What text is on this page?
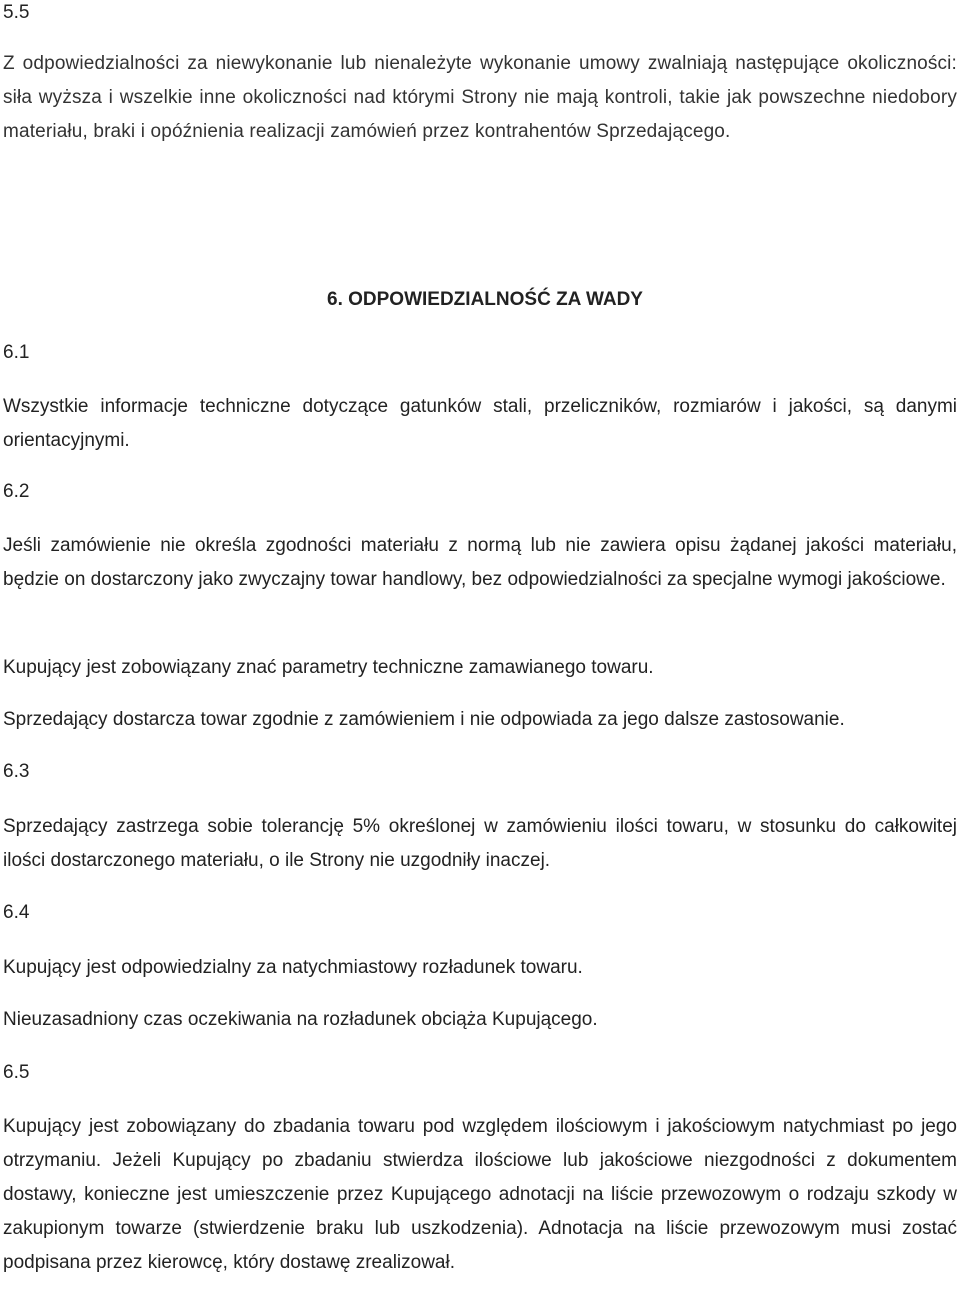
5.5

Z odpowiedzialności za niewykonanie lub nienależyte wykonanie umowy zwalniają następujące okoliczności: siła wyższa i wszelkie inne okoliczności nad którymi Strony nie mają kontroli, takie jak powszechne niedobory materiału, braki i opóźnienia realizacji zamówień przez kontrahentów Sprzedającego.

6. ODPOWIEDZIALNOŚĆ ZA WADY

6.1

Wszystkie informacje techniczne dotyczące gatunków stali, przeliczników, rozmiarów i jakości, są danymi orientacyjnymi.

6.2

Jeśli zamówienie nie określa zgodności materiału z normą lub nie zawiera opisu żądanej jakości materiału, będzie on dostarczony jako zwyczajny towar handlowy, bez odpowiedzialności za specjalne wymogi jakościowe.

Kupujący jest zobowiązany znać parametry techniczne zamawianego towaru.

Sprzedający dostarcza towar zgodnie z zamówieniem i nie odpowiada za jego dalsze zastosowanie.

6.3

Sprzedający zastrzega sobie tolerancję 5% określonej w zamówieniu ilości towaru, w stosunku do całkowitej ilości dostarczonego materiału, o ile Strony nie uzgodniły inaczej.

6.4

Kupujący jest odpowiedzialny za natychmiastowy rozładunek towaru.

Nieuzasadniony czas oczekiwania na rozładunek obciąża Kupującego.

6.5

Kupujący jest zobowiązany do zbadania towaru pod względem ilościowym i jakościowym natychmiast po jego otrzymaniu. Jeżeli Kupujący po zbadaniu stwierdza ilościowe lub jakościowe niezgodności z dokumentem dostawy, konieczne jest umieszczenie przez Kupującego adnotacji na liście przewozowym o rodzaju szkody w zakupionym towarze (stwierdzenie braku lub uszkodzenia). Adnotacja na liście przewozowym musi zostać podpisana przez kierowcę, który dostawę zrealizował.
